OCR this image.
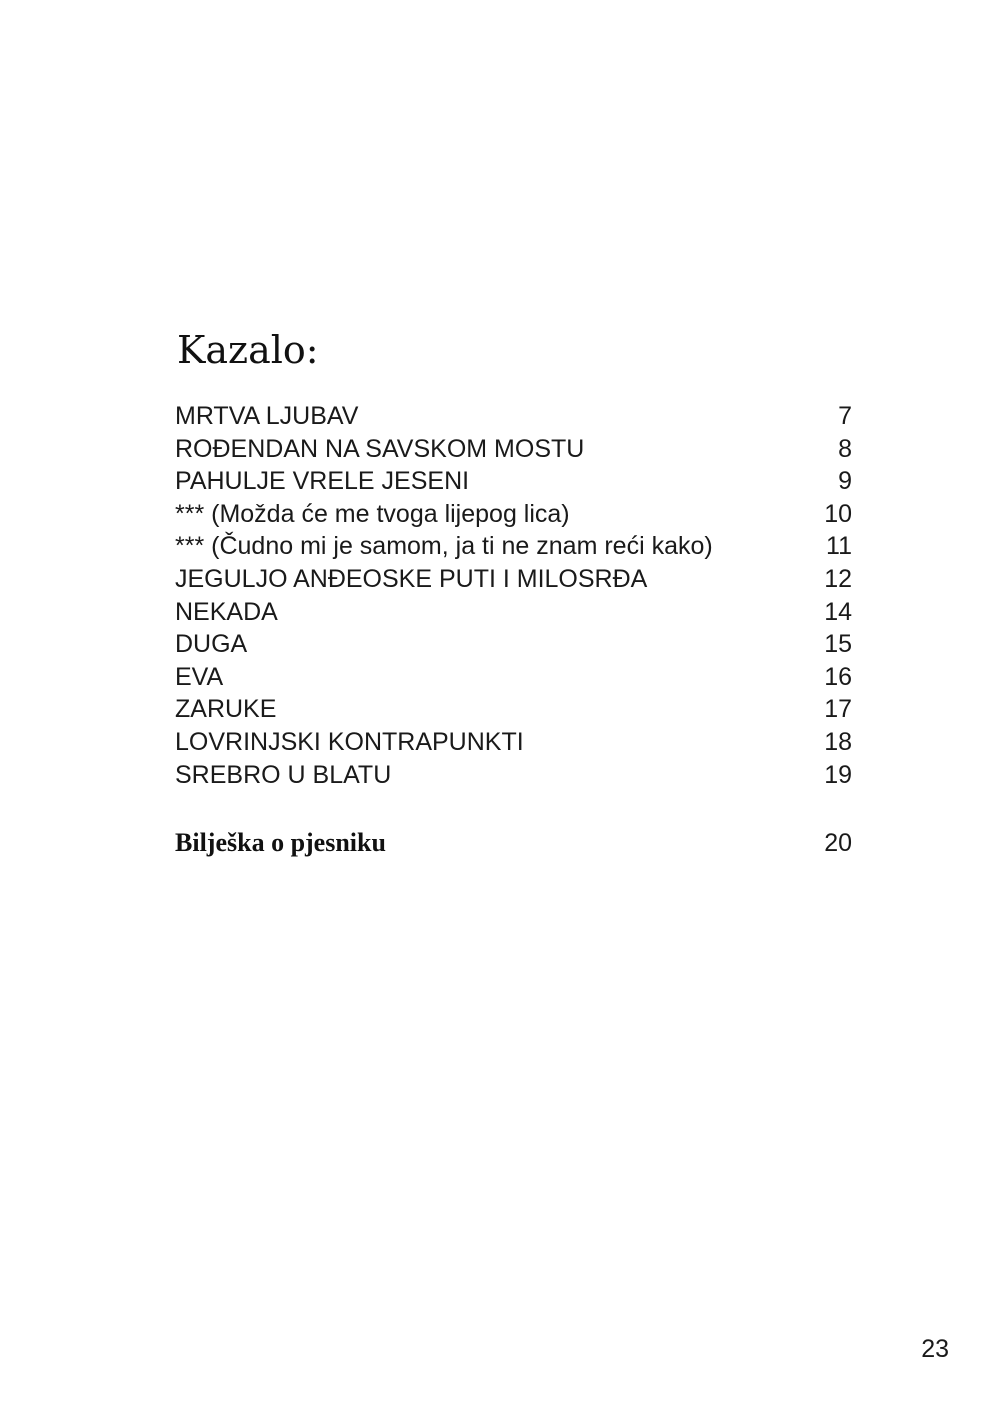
Kazalo:
MRTVA LJUBAV	7
ROĐENDAN NA SAVSKOM MOSTU	8
PAHULJE VRELE JESENI	9
*** (Možda će me tvoga lijepog lica)	10
*** (Čudno mi je samom, ja ti ne znam reći kako)	11
JEGULJO ANĐEOSKE PUTI I MILOSRĐA	12
NEKADA	14
DUGA	15
EVA	16
ZARUKE	17
LOVRINJSKI KONTRAPUNKTI	18
SREBRO U BLATU	19
Bilješka o pjesniku	20
23
